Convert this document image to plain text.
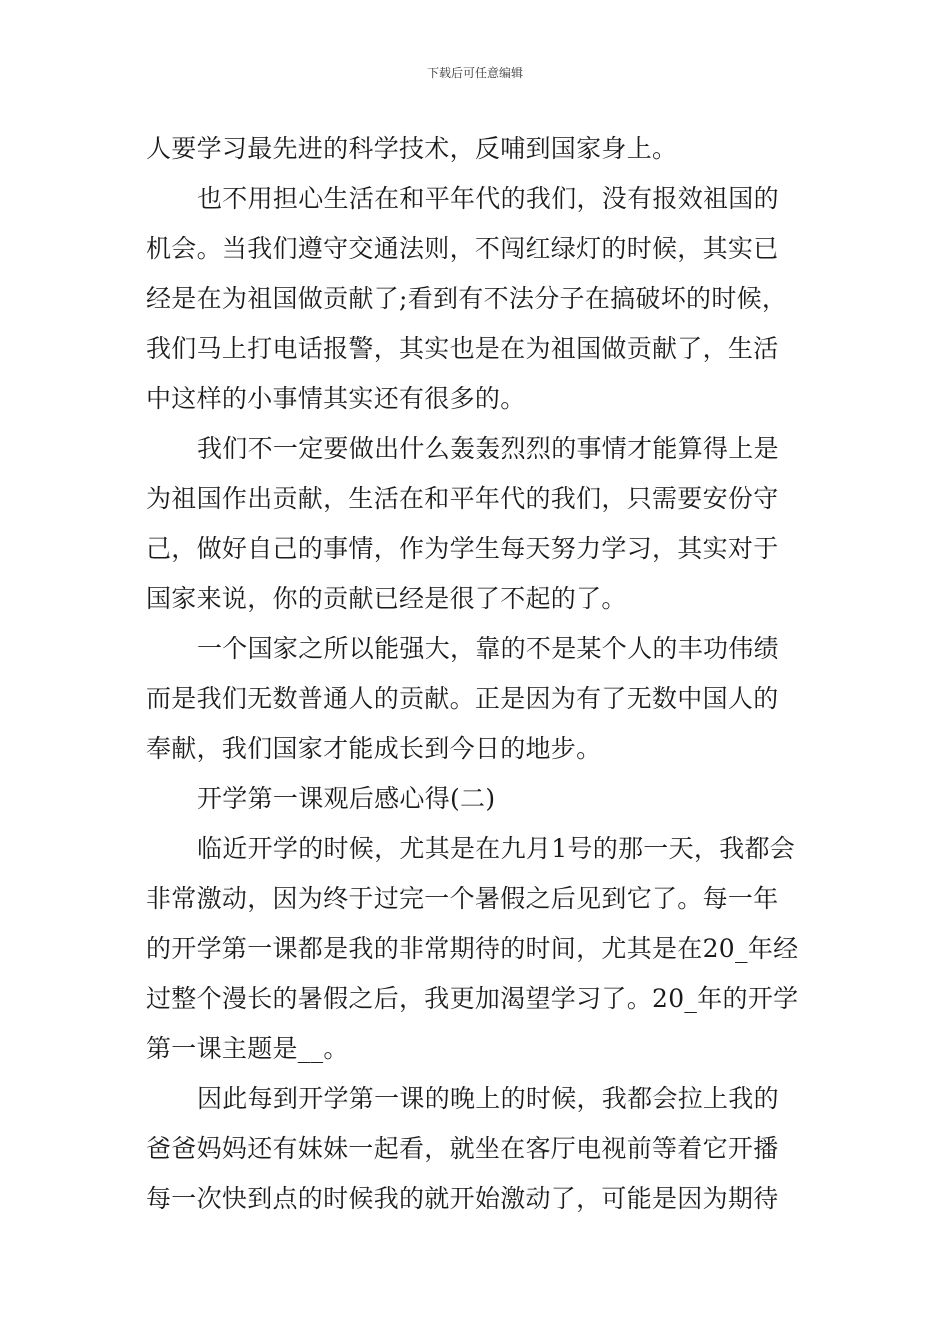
下载后可任意编辑
人要学习最先进的科学技术，反哺到国家身上。
也不用担心生活在和平年代的我们，没有报效祖国的
机会。当我们遵守交通法则，不闯红绿灯的时候，其实已
经是在为祖国做贡献了;看到有不法分子在搞破坏的时候，
我们马上打电话报警，其实也是在为祖国做贡献了，生活
中这样的小事情其实还有很多的。
我们不一定要做出什么轰轰烈烈的事情才能算得上是
为祖国作出贡献，生活在和平年代的我们，只需要安份守
己，做好自己的事情，作为学生每天努力学习，其实对于
国家来说，你的贡献已经是很了不起的了。
一个国家之所以能强大，靠的不是某个人的丰功伟绩
而是我们无数普通人的贡献。正是因为有了无数中国人的
奉献，我们国家才能成长到今日的地步。
开学第一课观后感心得(二)
临近开学的时候，尤其是在九月1号的那一天，我都会
非常激动，因为终于过完一个暑假之后见到它了。每一年
的开学第一课都是我的非常期待的时间，尤其是在20_年经
过整个漫长的暑假之后，我更加渴望学习了。20_年的开学
第一课主题是__。
因此每到开学第一课的晚上的时候，我都会拉上我的
爸爸妈妈还有妹妹一起看，就坐在客厅电视前等着它开播
每一次快到点的时候我的就开始激动了，可能是因为期待
